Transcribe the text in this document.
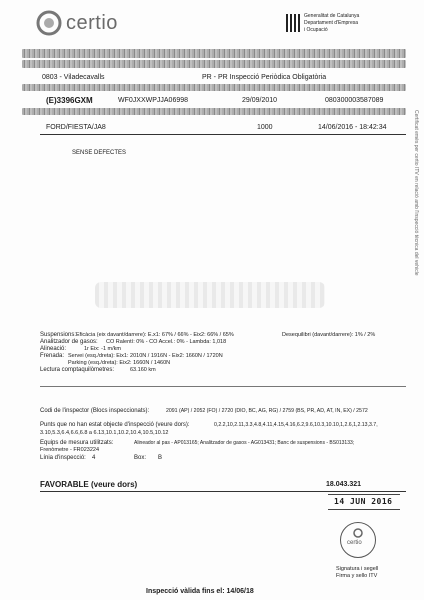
certio	Generalitat de Catalunya
Departament d'Empresa
i Ocupació
0803 - Viladecavalls	PR - PR Inspecció Periòdica Obligatòria
(E)3396GXM	WF0JXXWPJJA06998	29/09/2010	080300003587089
FORD/FIESTA/JA8	1000	14/06/2016 - 18:42:34
SENSE DEFECTES
Suspensions: Eficàcia (eix davant/darrere): E.x1: 67% / 66% - Eix2: 66% / 65%	Desequilibri (davant/darrere): 1% / 2%
Analitzador de gasos: CO Ralentí: 0% - CO Accel.: 0% - Lambda: 1,018
Alineació:	1r Eix: -1 m/km
Frenada: Servei (esq./dreta): Eix1: 2010N / 1916N - Eix2: 1660N / 1720N
Parking (esq./dreta): Eix2: 1660N / 1460N
Lectura comptaquilòmetres:	63.160 km
Codi de l'inspector (Blocs inspeccionats):	2091 (AP) / 2052 (FO) / 2720 (DIO, BC, AG, RG) / 2759 (BS, PR, AD, AT, IN, EX) / 2572
Punts que no han estat objecte d'inspecció (veure dors):	0,2.2,10,2.11,3.3,4.8,4.11,4.15,4.16,6.2,9.6,10.3,10.10,1,2.6,1,2.13,3.7,
3.10,5.3,6.4,6.6,6.8 a 6.13,10.1,10.2,10.4,10.5,10.12
Equips de mesura utilitzats:	Alineador al pas - AP013165; Analitzador de gasos - AG013431; Banc de suspensions - BS013133;
Frenòmetre - FR023224
Línia d'inspecció: 4	Box: B
FAVORABLE (veure dors)	18.043.321
14 JUN 2016
certio
Signatura i segell
Firma y sello ITV
Inspecció vàlida fins el: 14/06/18
Certificat emès per certio ITV en relació amb l'inspecció tècnica del vehicle
